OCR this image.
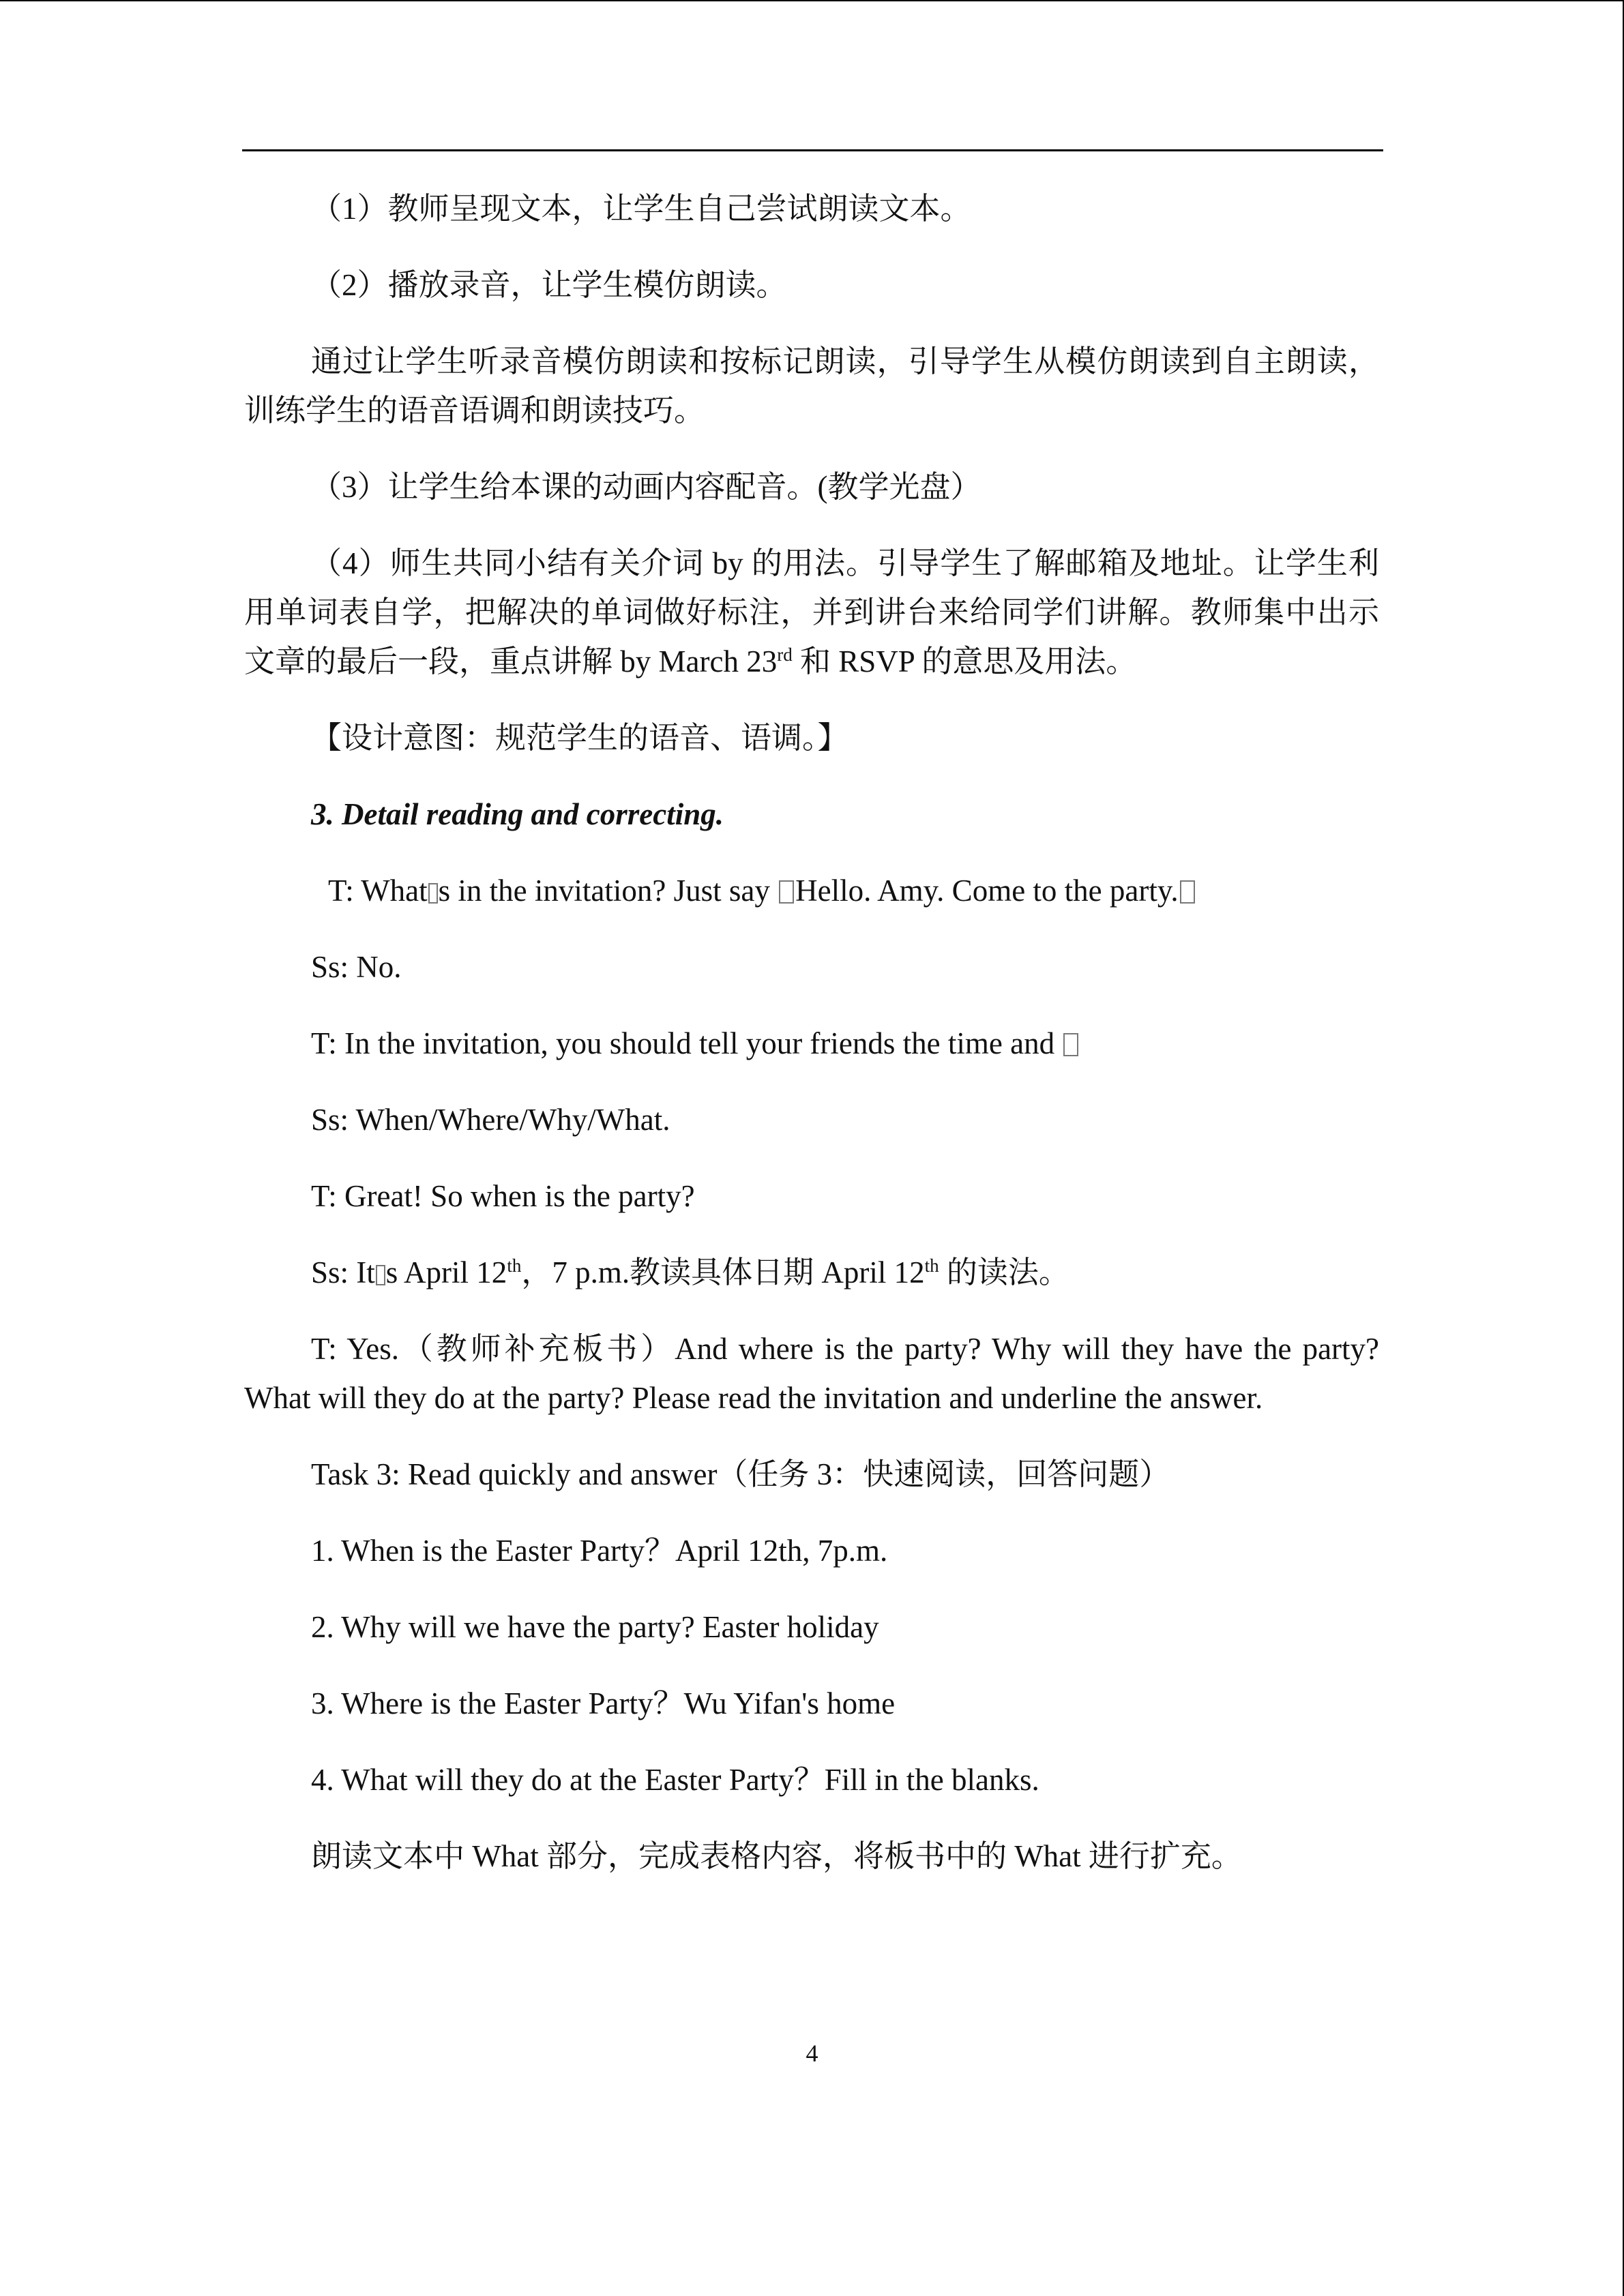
（1）教师呈现文本，让学生自己尝试朗读文本。

（2）播放录音，让学生模仿朗读。

通过让学生听录音模仿朗读和按标记朗读，引导学生从模仿朗读到自主朗读，训练学生的语音语调和朗读技巧。

（3）让学生给本课的动画内容配音。(教学光盘）

（4）师生共同小结有关介词 by 的用法。引导学生了解邮箱及地址。让学生利用单词表自学，把解决的单词做好标注，并到讲台来给同学们讲解。教师集中出示文章的最后一段，重点讲解 by March 23rd 和 RSVP 的意思及用法。

【设计意图：规范学生的语音、语调。】

3. Detail reading and correcting.

T: What s in the invitation? Just say Hello. Amy. Come to the party.

Ss: No.

T: In the invitation, you should tell your friends the time and

Ss: When/Where/Why/What.

T: Great! So when is the party?

Ss: It s April 12th，7 p.m.教读具体日期 April 12th 的读法。

T: Yes.（教师补充板书）And where is the party? Why will they have the party? What will they do at the party? Please read the invitation and underline the answer.

Task 3: Read quickly and answer（任务 3：快速阅读，回答问题）

1. When is the Easter Party？April 12th, 7p.m.

2. Why will we have the party? Easter holiday

3. Where is the Easter Party？Wu Yifan's home

4. What will they do at the Easter Party？Fill in the blanks.

朗读文本中 What 部分，完成表格内容，将板书中的 What 进行扩充。

4
